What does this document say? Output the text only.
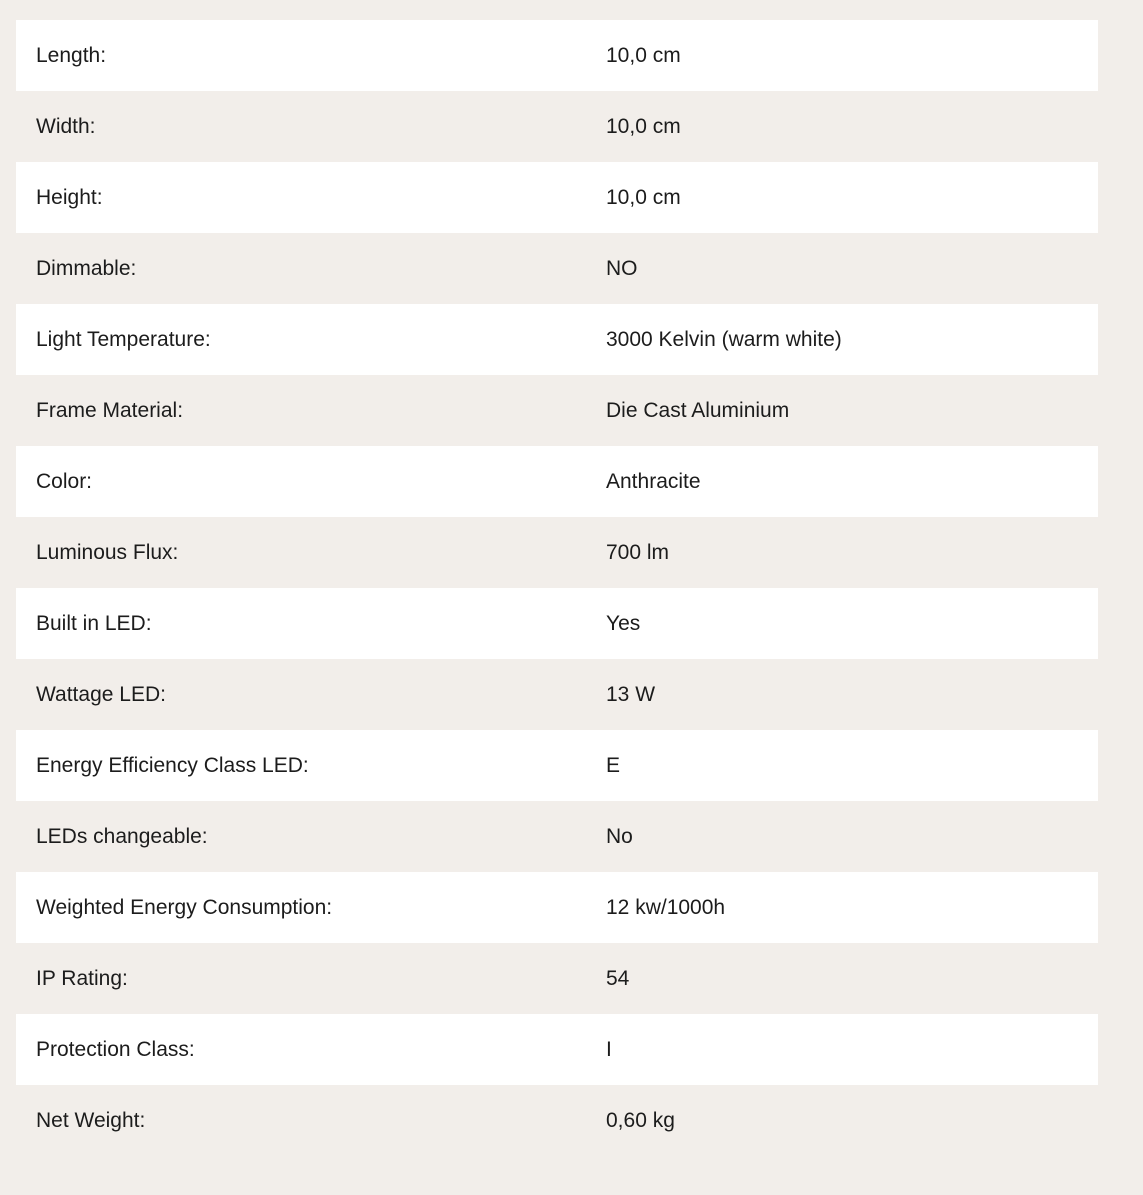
Length:	10,0 cm
Width:	10,0 cm
Height:	10,0 cm
Dimmable:	NO
Light Temperature:	3000 Kelvin (warm white)
Frame Material:	Die Cast Aluminium
Color:	Anthracite
Luminous Flux:	700 lm
Built in LED:	Yes
Wattage LED:	13 W
Energy Efficiency Class LED:	E
LEDs changeable:	No
Weighted Energy Consumption:	12 kw/1000h
IP Rating:	54
Protection Class:	I
Net Weight:	0,60 kg
